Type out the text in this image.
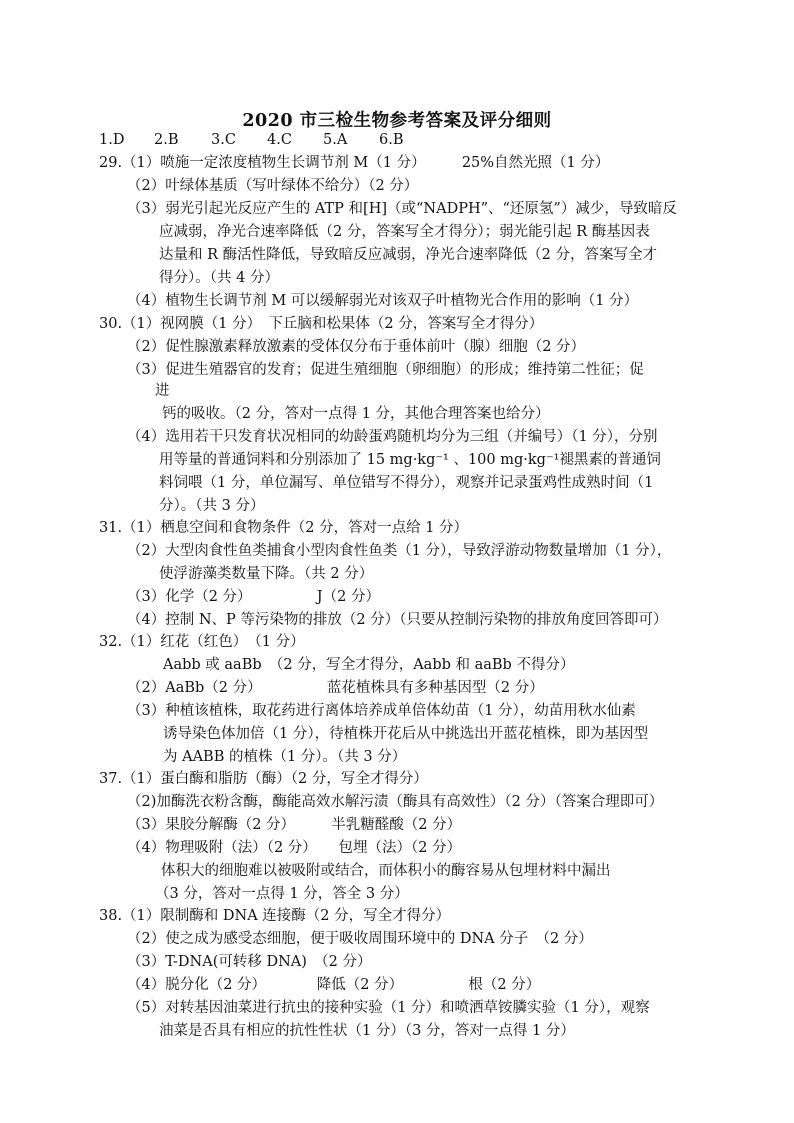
2020 市三检生物参考答案及评分细则
1.D 2.B 3.C 4.C 5.A 6.B
29.（1）喷施一定浓度植物生长调节剂 M（1 分）　　　25%自然光照（1 分）
（2）叶绿体基质（写叶绿体不给分）（2 分）
（3）弱光引起光反应产生的 ATP 和[H]（或“NADPH”、“还原氢”）减少，导致暗反
应减弱，净光合速率降低（2 分，答案写全才得分）；弱光能引起 R 酶基因表
达量和 R 酶活性降低，导致暗反应减弱，净光合速率降低（2 分，答案写全才
得分）。（共 4 分）
（4）植物生长调节剂 M 可以缓解弱光对该双子叶植物光合作用的影响（1 分）
30.（1）视网膜（1 分）　下丘脑和松果体（2 分，答案写全才得分）
（2）促性腺激素释放激素的受体仅分布于垂体前叶（腺）细胞（2 分）
（3）促进生殖器官的发育；促进生殖细胞（卵细胞）的形成；维持第二性征；促
进
钙的吸收。（2 分，答对一点得 1 分，其他合理答案也给分）
（4）选用若干只发育状况相同的幼龄蛋鸡随机均分为三组（并编号）（1 分），分别
用等量的普通饲料和分别添加了 15 mg·kg⁻¹ 、100 mg·kg⁻¹褪黑素的普通饲
料饲喂（1 分，单位漏写、单位错写不得分），观察并记录蛋鸡性成熟时间（1
分）。（共 3 分）
31.（1）栖息空间和食物条件（2 分，答对一点给 1 分）
（2）大型肉食性鱼类捕食小型肉食性鱼类（1 分），导致浮游动物数量增加（1 分），
使浮游藻类数量下降。（共 2 分）
（3）化学（2 分）　　　　　J（2 分）
（4）控制 N、P 等污染物的排放（2 分）（只要从控制污染物的排放角度回答即可）
32.（1）红花（红色）　（1 分）
Aabb 或 aaBb　（2 分，写全才得分，Aabb 和 aaBb 不得分）
（2）AaBb（2 分）　　　　　蓝花植株具有多种基因型（2 分）
（3）种植该植株，取花药进行离体培养成单倍体幼苗（1 分），幼苗用秋水仙素
诱导染色体加倍（1 分），待植株开花后从中挑选出开蓝花植株，即为基因型
为 AABB 的植株（1 分）。（共 3 分）
37.（1）蛋白酶和脂肪（酶）（2 分，写全才得分）
（2)加酶洗衣粉含酶，酶能高效水解污渍（酶具有高效性）（2 分）（答案合理即可）
（3）果胶分解酶（2 分）　　　半乳糖醛酸（2 分）
（4）物理吸附（法）（2 分）　　包埋（法）（2 分）
体积大的细胞难以被吸附或结合，而体积小的酶容易从包埋材料中漏出
（3 分，答对一点得 1 分，答全 3 分）
38.（1）限制酶和 DNA 连接酶（2 分，写全才得分）
（2）使之成为感受态细胞，便于吸收周围环境中的 DNA 分子　（2 分）
（3）T-DNA(可转移 DNA)　（2 分）
（4）脱分化（2 分）　　　　降低（2 分）　　　　　根（2 分）
（5）对转基因油菜进行抗虫的接种实验（1 分）和喷洒草铵膦实验（1 分），观察
油菜是否具有相应的抗性性状（1 分）（3 分，答对一点得 1 分）
